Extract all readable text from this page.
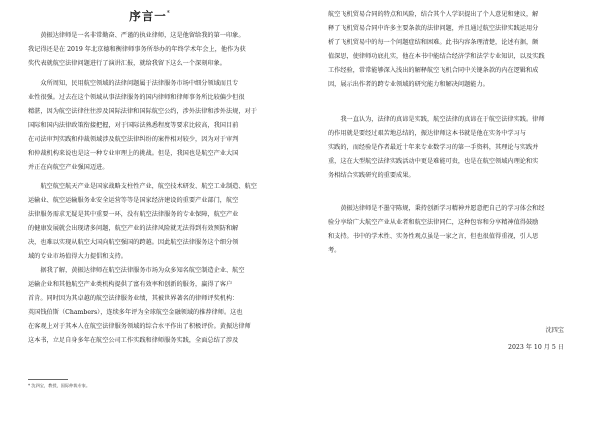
序言一*
　　黄振达律师是一名非常勤奋、严谨的执业律师，这是他留给我的第一印象。
我记得还是在 2019 年北京德和衡律师事务所举办的年终学术年会上，他作为获
奖代表就航空法律问题进行了演讲汇报，就给我留下这么一个深刻印象。
　　众所周知，民用航空领域的法律问题属于法律服务市场中细分领域而且专
业性很强。过去在这个领域从事法律服务的国内律师和律师事务所比较偏少但很
精湛，因为航空法律往往涉及国际法律和国际航空公约，涉外法律和涉外法规，对于
国际和国内法律政策衔接把握，对于国际法熟悉程度等要求比较高，我国目前
在司法审判实践和仲裁领域涉及航空法律纠纷的案件相对较少，因为对于审判
和仲裁机构来说也是这一种专业审理上的挑战。但是，我国也是航空产业大国
并正在向航空产业强国迈进。
　　航空航空航天产业是国家战略支柱性产业，航空技术研发、航空工业制造、航空
运输业、航空运输服务业安全运营等等是国家经济建设的重要产业部门，航空
法律服务需求无疑是其中重要一环，没有航空法律服务的专业保障，航空产业
的健康发展就会出现诸多问题，航空产业的法律风险就无法得到有效预防和解
决，也难以实现从航空大国向航空强国的跨越。因此航空法律服务这个细分领
域的专业市场值得大力提倡和支持。
　　据我了解，黄振达律师在航空法律服务市场为众多知名航空制造企业、航空
运输企业和其他航空产业类机构提供了富有效率和创新的服务，赢得了客户
首肯。同时因为其卓越的航空法律服务业绩，其被世界著名的律师评奖机构：
英国钱伯斯（Chambers），连续多年评为全球航空金融领域的推荐律师。这也
在客观上对于其本人在航空法律服务领域的综合水平作出了积极评价。黄振达律师
这本书，立足自身多年在航空公司工作实践和律师服务实践，全面总结了涉及
* 沈四宝，教授，国际仲裁专家。
航空飞机贸易合同的特点和风险，结合其个人学识提出了个人意见和建议，解
释了飞机贸易合同中许多主要条款的法律问题，并且通过航空法律实践运用分
析了飞机贸易中的每一个问题症结和困难。此书内容条理清楚，论述有据，颇
值深思，使律师功底扎实，他在本书中能结合经济学和法学专业知识，以及实践
工作经验，常常能够深入浅出的解释航空飞机合同中关键条款的内在逻辑和成
因，展示出作者的跨专业领域的研究能力和解决问题能力。
　　我一直认为，法律的真谛是实践，航空法律的真谛在于航空法律实践。律师
的作用就是要经过艰苦地总结的，振达律师这本书就是他在实务中学习与
实践的，而经验是作者最近十年来专业数学习的第一手资料，其理论与实践并
重，这在大型航空法律实践活动中更是难能可贵，也是在航空领域内理论和实
务相结合实践研究的重要成果。
　　黄振达律师是不墨守陈规，秉持创新学习精神并愿意把自己的学习体会和经
验分享给广大航空产业从业者和航空法律同仁，这种包容和分享精神值得鼓励
和支持。书中的学术性、实务性观点虽是一家之言，但也很值得重视，引人思
考。
沈四宝
2023 年 10 月 5 日
